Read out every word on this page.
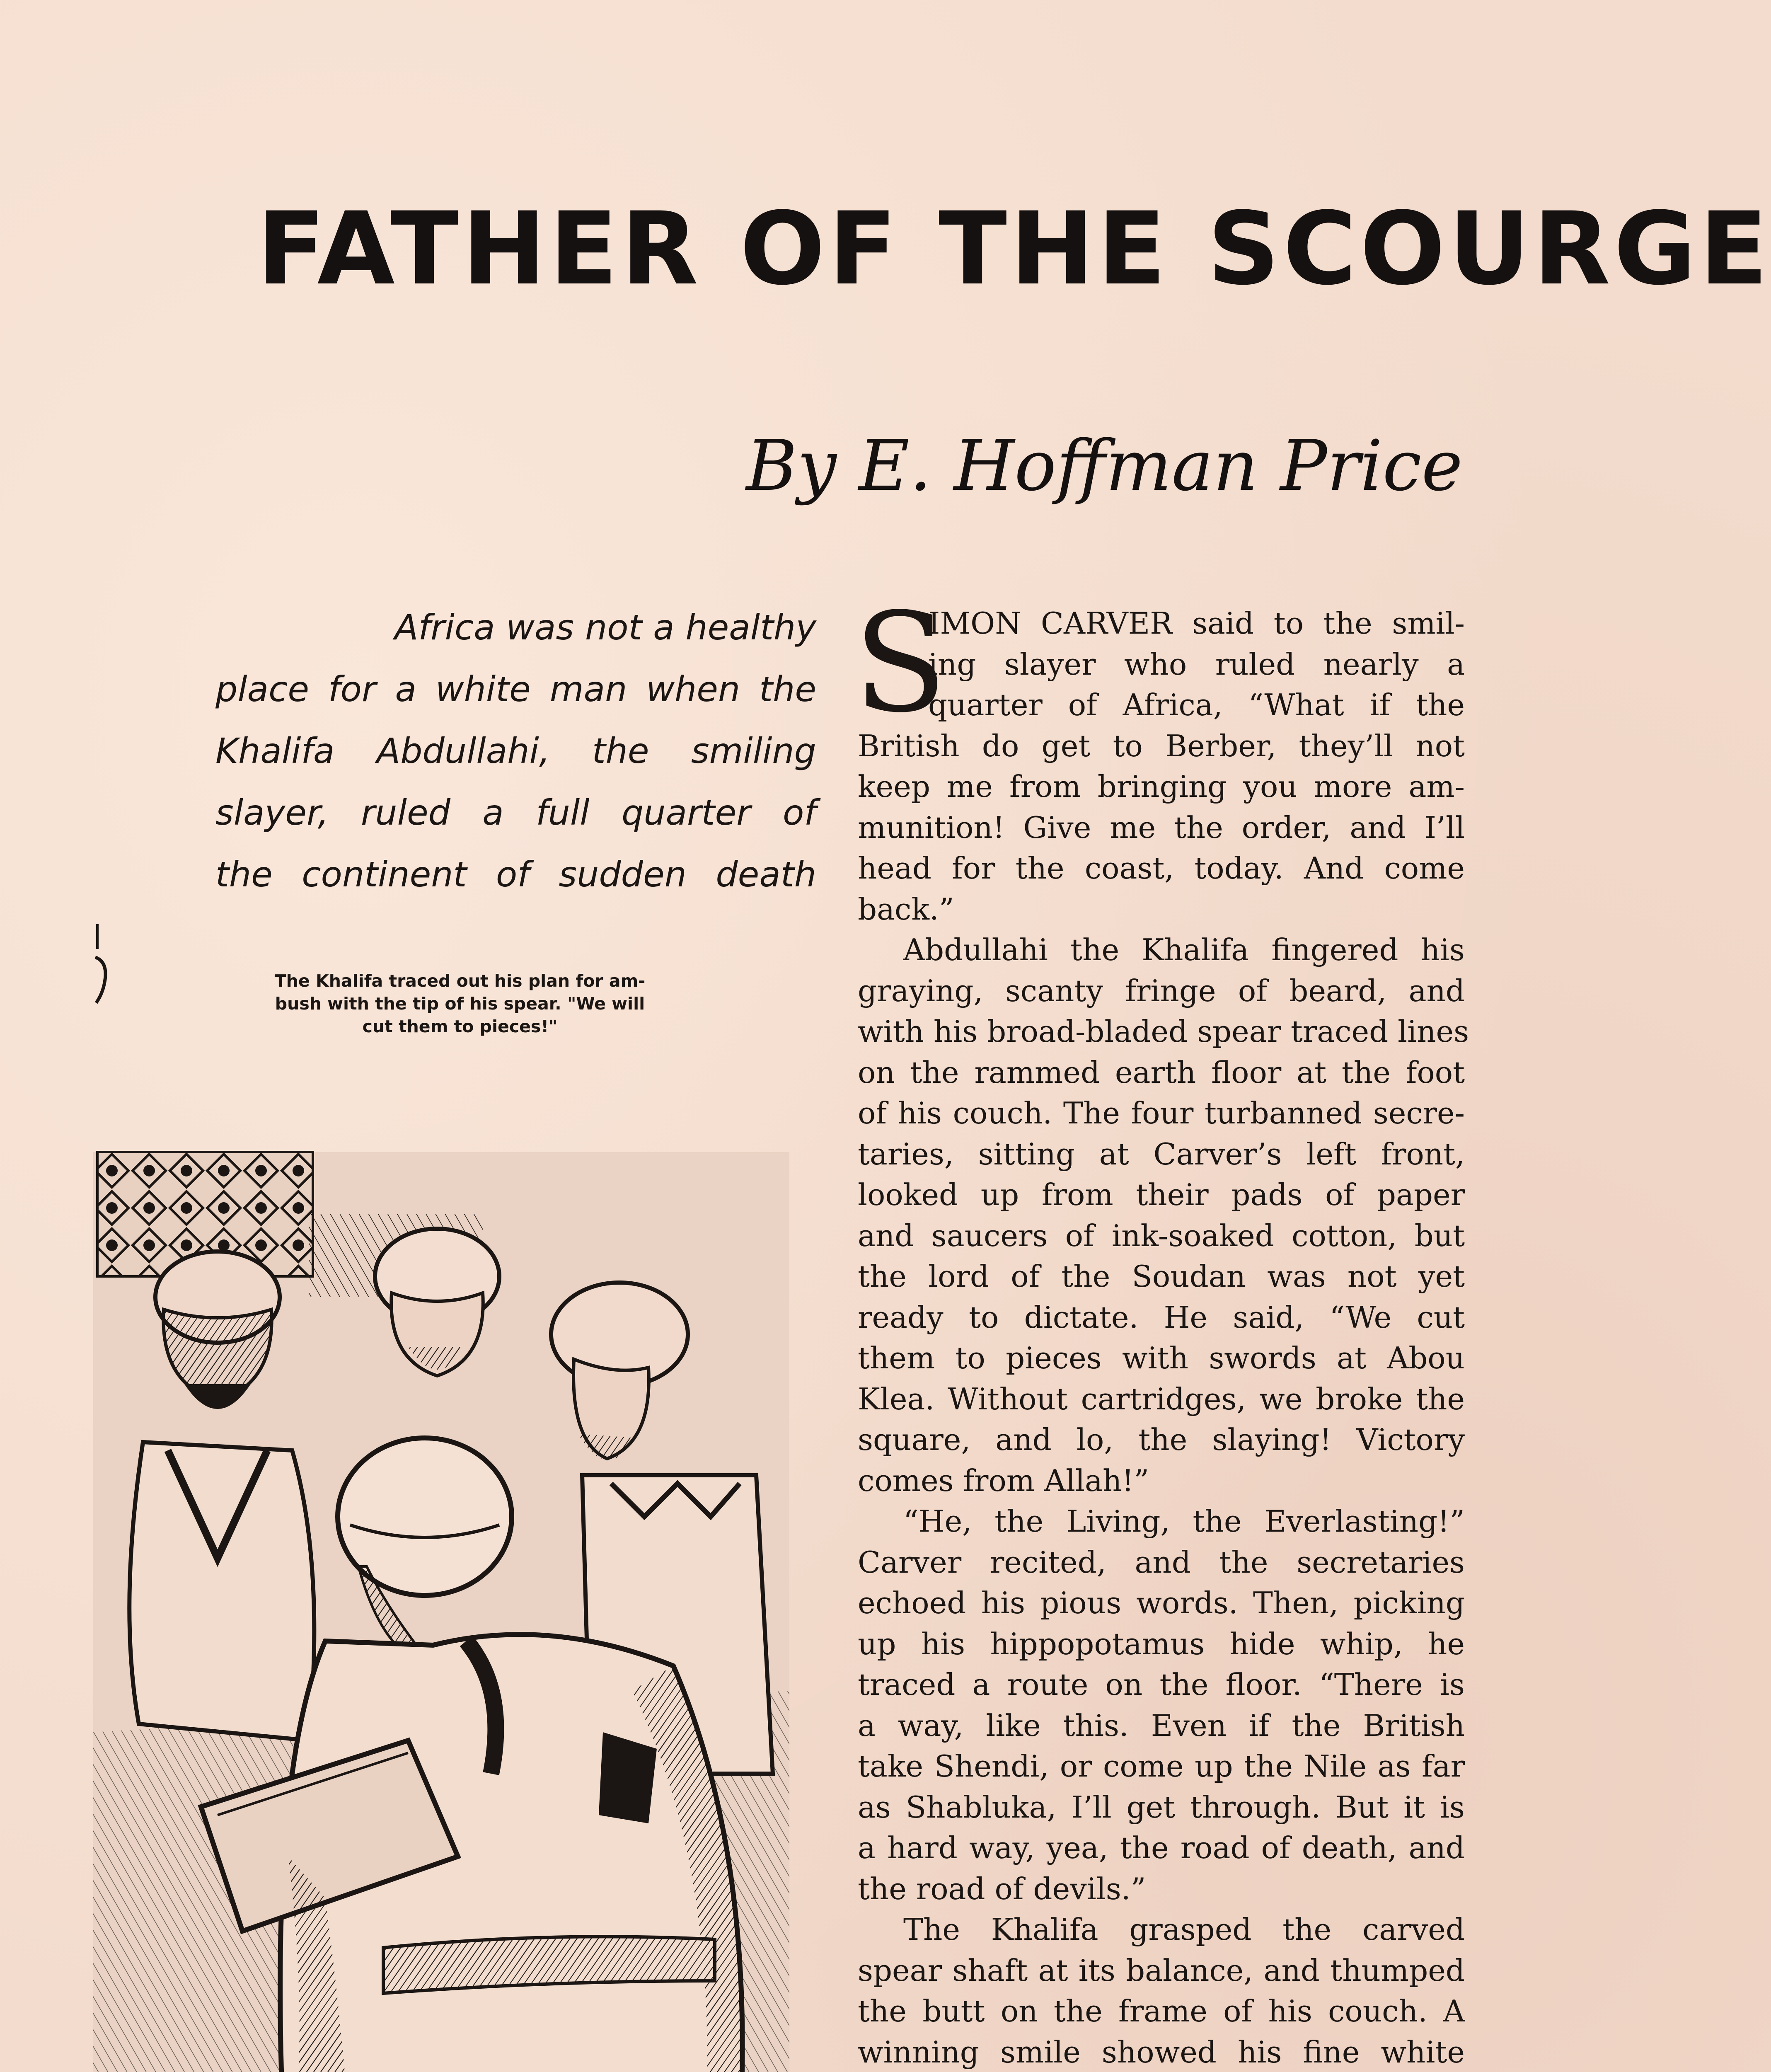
FATHER OF THE SCOURGE
By E. Hoffman Price
Africa was not a healthy
place for a white man when the
Khalifa Abdullahi, the smiling
slayer, ruled a full quarter of
the continent of sudden death
The Khalifa traced out his plan for am-
bush with the tip of his spear. "We will
cut them to pieces!"
S
IMON CARVER said to the smil-
ing slayer who ruled nearly a
quarter of Africa, “What if the
British do get to Berber, they’ll not
keep me from bringing you more am-
munition! Give me the order, and I’ll
head for the coast, today. And come
back.”
Abdullahi the Khalifa fingered his
graying, scanty fringe of beard, and
with his broad-bladed spear traced lines
on the rammed earth floor at the foot
of his couch. The four turbanned secre-
taries, sitting at Carver’s left front,
looked up from their pads of paper
and saucers of ink-soaked cotton, but
the lord of the Soudan was not yet
ready to dictate. He said, “We cut
them to pieces with swords at Abou
Klea. Without cartridges, we broke the
square, and lo, the slaying! Victory
comes from Allah!”
“He, the Living, the Everlasting!”
Carver recited, and the secretaries
echoed his pious words. Then, picking
up his hippopotamus hide whip, he
traced a route on the floor. “There is
a way, like this. Even if the British
take Shendi, or come up the Nile as far
as Shabluka, I’ll get through. But it is
a hard way, yea, the road of death, and
the road of devils.”
The Khalifa grasped the carved
spear shaft at its balance, and thumped
the butt on the frame of his couch. A
winning smile showed his fine white
